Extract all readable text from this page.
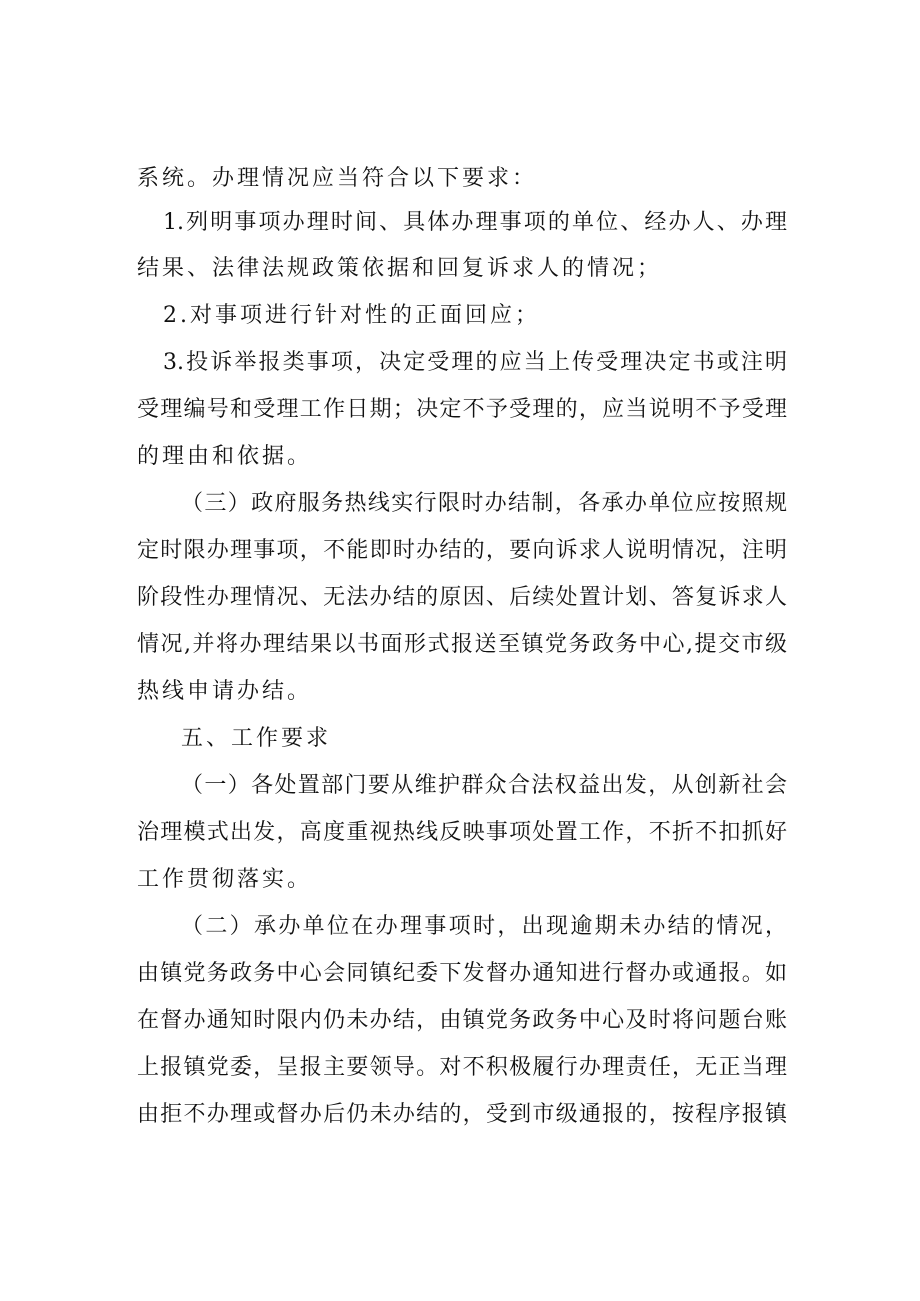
系统。办理情况应当符合以下要求：
1.列明事项办理时间、具体办理事项的单位、经办人、办理
结果、法律法规政策依据和回复诉求人的情况；
2.对事项进行针对性的正面回应；
3.投诉举报类事项，决定受理的应当上传受理决定书或注明
受理编号和受理工作日期；决定不予受理的，应当说明不予受理
的理由和依据。
（三）政府服务热线实行限时办结制，各承办单位应按照规
定时限办理事项，不能即时办结的，要向诉求人说明情况，注明
阶段性办理情况、无法办结的原因、后续处置计划、答复诉求人
情况,并将办理结果以书面形式报送至镇党务政务中心,提交市级
热线申请办结。
五、工作要求
（一）各处置部门要从维护群众合法权益出发，从创新社会
治理模式出发，高度重视热线反映事项处置工作，不折不扣抓好
工作贯彻落实。
（二）承办单位在办理事项时，出现逾期未办结的情况，
由镇党务政务中心会同镇纪委下发督办通知进行督办或通报。如
在督办通知时限内仍未办结，由镇党务政务中心及时将问题台账
上报镇党委，呈报主要领导。对不积极履行办理责任，无正当理
由拒不办理或督办后仍未办结的，受到市级通报的，按程序报镇
